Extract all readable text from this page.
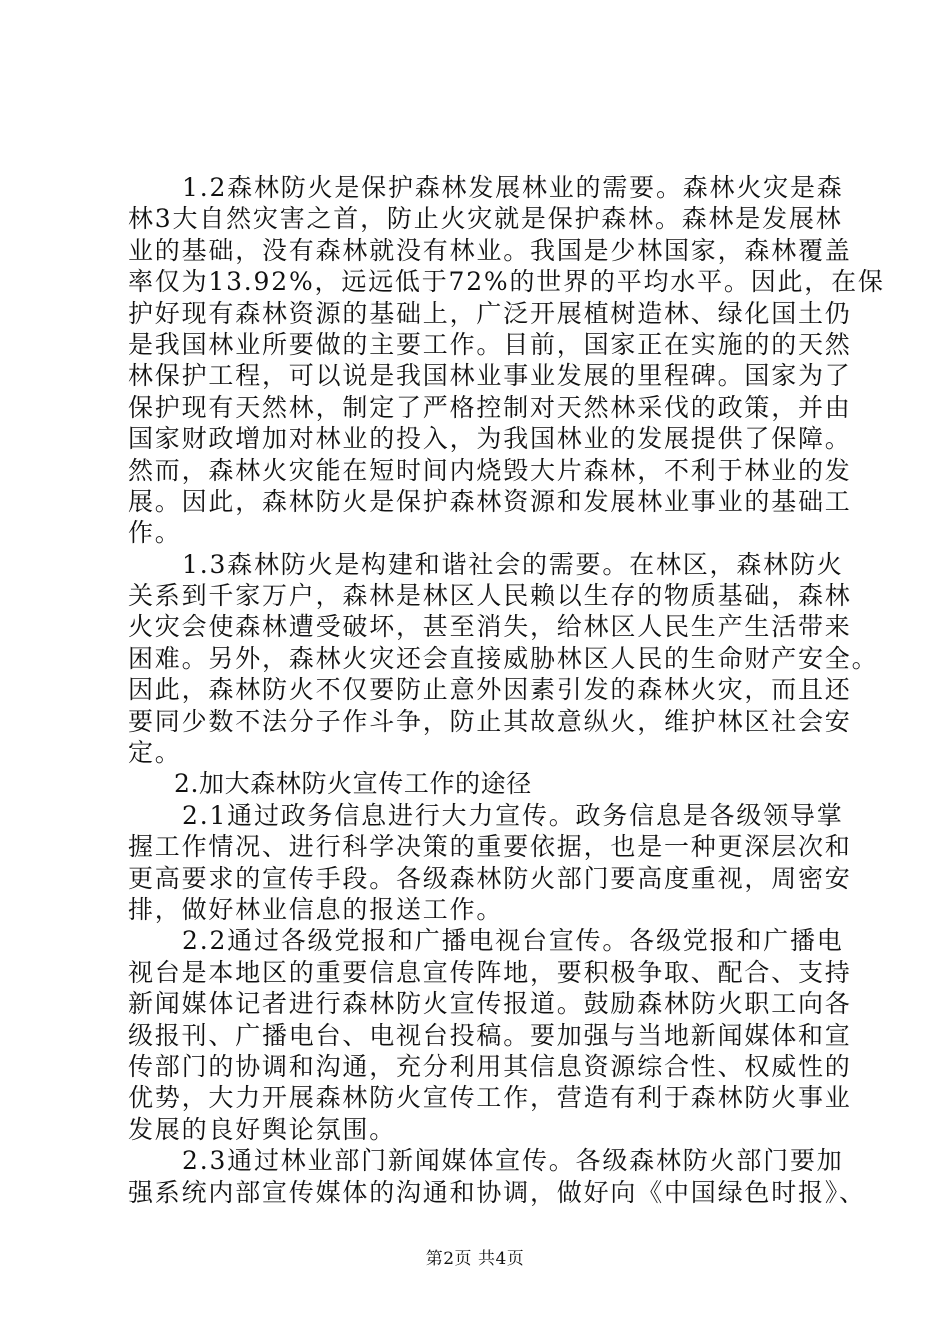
1.2森林防火是保护森林发展林业的需要。森林火灾是森
林3大自然灾害之首，防止火灾就是保护森林。森林是发展林
业的基础，没有森林就没有林业。我国是少林国家，森林覆盖
率仅为13.92%，远远低于72%的世界的平均水平。因此，在保
护好现有森林资源的基础上，广泛开展植树造林、绿化国土仍
是我国林业所要做的主要工作。目前，国家正在实施的的天然
林保护工程，可以说是我国林业事业发展的里程碑。国家为了
保护现有天然林，制定了严格控制对天然林采伐的政策，并由
国家财政增加对林业的投入，为我国林业的发展提供了保障。
然而，森林火灾能在短时间内烧毁大片森林，不利于林业的发
展。因此，森林防火是保护森林资源和发展林业事业的基础工
作。
1.3森林防火是构建和谐社会的需要。在林区，森林防火
关系到千家万户，森林是林区人民赖以生存的物质基础，森林
火灾会使森林遭受破坏，甚至消失，给林区人民生产生活带来
困难。另外，森林火灾还会直接威胁林区人民的生命财产安全。
因此，森林防火不仅要防止意外因素引发的森林火灾，而且还
要同少数不法分子作斗争，防止其故意纵火，维护林区社会安
定。
2.加大森林防火宣传工作的途径
2.1通过政务信息进行大力宣传。政务信息是各级领导掌
握工作情况、进行科学决策的重要依据，也是一种更深层次和
更高要求的宣传手段。各级森林防火部门要高度重视，周密安
排，做好林业信息的报送工作。
2.2通过各级党报和广播电视台宣传。各级党报和广播电
视台是本地区的重要信息宣传阵地，要积极争取、配合、支持
新闻媒体记者进行森林防火宣传报道。鼓励森林防火职工向各
级报刊、广播电台、电视台投稿。要加强与当地新闻媒体和宣
传部门的协调和沟通，充分利用其信息资源综合性、权威性的
优势，大力开展森林防火宣传工作，营造有利于森林防火事业
发展的良好舆论氛围。
2.3通过林业部门新闻媒体宣传。各级森林防火部门要加
强系统内部宣传媒体的沟通和协调，做好向《中国绿色时报》、
第2页 共4页
